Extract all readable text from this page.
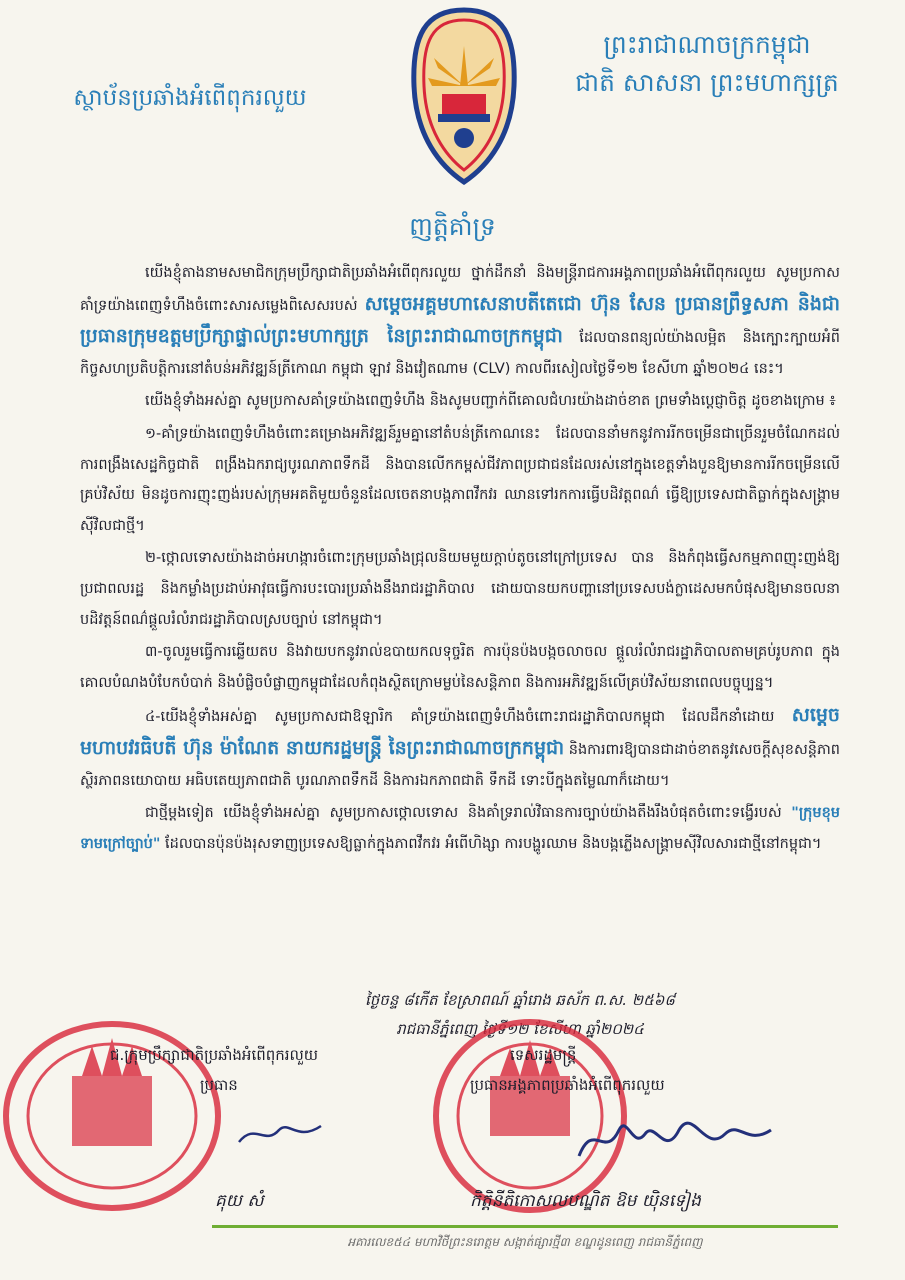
ព្រះរាជាណាចក្រកម្ពុជា
ជាតិ សាសនា ព្រះមហាក្សត្រ
ស្ថាប័នប្រឆាំងអំពើពុករលួយ
ញត្តិគាំទ្រ

យើងខ្ញុំតាងនាមសមាជិកក្រុមប្រឹក្សាជាតិប្រឆាំងអំពើពុករលួយ ថ្នាក់ដឹកនាំ និងមន្ត្រីរាជការអង្គភាពប្រឆាំងអំពើពុករលួយ សូមប្រកាសគាំទ្រយ៉ាងពេញទំហឹងចំពោះសារសម្លេងពិសេសរបស់ សម្តេចអគ្គមហាសេនាបតីតេជោ ហ៊ុន សែន ប្រធានព្រឹទ្ធសភា និងជាប្រធានក្រុមឧត្តមប្រឹក្សាផ្ទាល់ព្រះមហាក្សត្រ នៃព្រះរាជាណាចក្រកម្ពុជា ដែលបានពន្យល់យ៉ាងលម្អិត និងក្បោះក្បាយអំពីកិច្ចសហប្រតិបត្តិការនៅតំបន់អភិវឌ្ឍន៍ត្រីកោណ កម្ពុជា ឡាវ និងវៀតណាម (CLV) កាលពីរសៀលថ្ងៃទី១២ ខែសីហា ឆ្នាំ២០២៤ នេះ។

យើងខ្ញុំទាំងអស់គ្នា សូមប្រកាសគាំទ្រយ៉ាងពេញទំហឹង និងសូមបញ្ជាក់ពីគោលជំហរយ៉ាងដាច់ខាត ព្រមទាំងប្តេជ្ញាចិត្ត ដូចខាងក្រោម ៖

១-គាំទ្រយ៉ាងពេញទំហឹងចំពោះគម្រោងអភិវឌ្ឍន៍រួមគ្នានៅតំបន់ត្រីកោណនេះ ដែលបាននាំមកនូវការរីកចម្រើនជាច្រើនរួមចំណែកដល់ការពង្រឹងសេដ្ឋកិច្ចជាតិ ពង្រឹងឯករាជ្យបូរណភាពទឹកដី និងបានលើកកម្ពស់ជីវភាពប្រជាជនដែលរស់នៅក្នុងខេត្តទាំងបួនឱ្យមានការរីកចម្រើនលើគ្រប់វិស័យ មិនដូចការញុះញង់របស់ក្រុមអគតិមួយចំនួនដែលចេតនាបង្កភាពវឹកវរ ឈានទៅរកការធ្វើបដិវត្តពណ៌ ធ្វើឱ្យប្រទេសជាតិធ្លាក់ក្នុងសង្គ្រាមស៊ីវិលជាថ្មី។

២-ថ្កោលទោសយ៉ាងដាច់អហង្ការចំពោះក្រុមប្រឆាំងជ្រុលនិយមមួយក្តាប់តូចនៅក្រៅប្រទេស បាន និងកំពុងធ្វើសកម្មភាពញុះញង់ឱ្យប្រជាពលរដ្ឋ និងកម្លាំងប្រដាប់អាវុធធ្វើការបះបោរប្រឆាំងនឹងរាជរដ្ឋាភិបាល ដោយបានយកបញ្ហានៅប្រទេសបង់ក្លាដេសមកបំផុសឱ្យមានចលនាបដិវត្តន៍ពណ៌ផ្តួលរំលំរាជរដ្ឋាភិបាលស្របច្បាប់ នៅកម្ពុជា។

៣-ចូលរួមធ្វើការឆ្លើយតប និងវាយបកនូវរាល់ឧបាយកលទុច្ចរិត ការប៉ុនប៉ងបង្កចលាចល ផ្តួលរំលំរាជរដ្ឋាភិបាលតាមគ្រប់រូបភាព ក្នុងគោលបំណងបំបែកបំបាក់ និងបំផ្លិចបំផ្លាញកម្ពុជាដែលកំពុងស្ថិតក្រោមម្លប់នៃសន្តិភាព និងការអភិវឌ្ឍន៍លើគ្រប់វិស័យនាពេលបច្ចុប្បន្ន។

៤-យើងខ្ញុំទាំងអស់គ្នា សូមប្រកាសជាឱឡារិក គាំទ្រយ៉ាងពេញទំហឹងចំពោះរាជរដ្ឋាភិបាលកម្ពុជា ដែលដឹកនាំដោយ សម្តេចមហាបវរធិបតី ហ៊ុន ម៉ាណែត នាយករដ្ឋមន្ត្រី នៃព្រះរាជាណាចក្រកម្ពុជា និងការពារឱ្យបានជាដាច់ខាតនូវសេចក្តីសុខសន្តិភាព ស្ថិរភាពនយោបាយ អធិបតេយ្យភាពជាតិ បូរណភាពទឹកដី និងការឯកភាពជាតិ ទឹកដី ទោះបីក្នុងតម្លៃណាក៏ដោយ។

ជាថ្មីម្តងទៀត យើងខ្ញុំទាំងអស់គ្នា សូមប្រកាសថ្កោលទោស និងគាំទ្ររាល់វិធានការច្បាប់យ៉ាងតឹងរឹងបំផុតចំពោះទង្វើរបស់ "ក្រុមខុមទាមក្រៅច្បាប់" ដែលបានប៉ុនប៉ងរុសទាញប្រទេសឱ្យធ្លាក់ក្នុងភាពវឹកវរ អំពើហិង្សា ការបង្ហូរឈាម និងបង្កភ្លើងសង្គ្រាមស៊ីវិលសារជាថ្មីនៅកម្ពុជា។

ថ្ងៃចន្ទ ៨កើត ខែស្រាពណ៍ ឆ្នាំរោង ឆស័ក ព.ស. ២៥៦៨
រាជធានីភ្នំពេញ ថ្ងៃទី១២ ខែសីហា ឆ្នាំ២០២៤
ជ.ក្រុមប្រឹក្សាជាតិប្រឆាំងអំពើពុករលួយ
ប្រធាន
ទេសរដ្ឋមន្ត្រី
ប្រធានអង្គភាពប្រឆាំងអំពើពុករលួយ
គុយ សំ	កិត្តិនីតិកោសលបណ្ឌិត ឱម យ៉ិនទៀង
អគារលេខ៥៤ មហាវិថីព្រះនរោត្តម សង្កាត់ផ្សារថ្មី៣ ខណ្ឌដូនពេញ រាជធានីភ្នំពេញ
